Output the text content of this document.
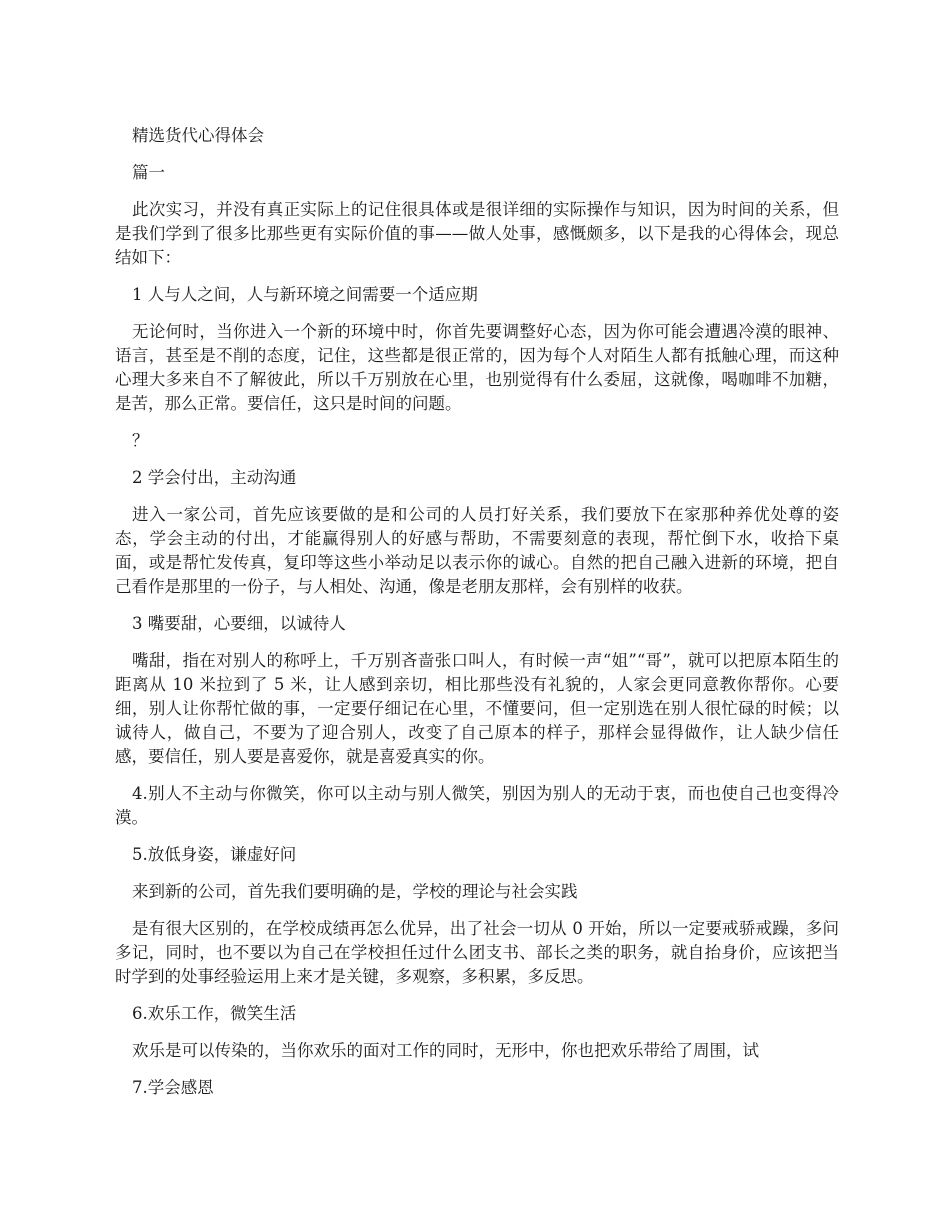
精选货代心得体会

篇一

此次实习，并没有真正实际上的记住很具体或是很详细的实际操作与知识，因为时间的关系，但是我们学到了很多比那些更有实际价值的事——做人处事，感慨颇多，以下是我的心得体会，现总结如下：

1 人与人之间，人与新环境之间需要一个适应期

无论何时，当你进入一个新的环境中时，你首先要调整好心态，因为你可能会遭遇冷漠的眼神、语言，甚至是不削的态度，记住，这些都是很正常的，因为每个人对陌生人都有抵触心理，而这种心理大多来自不了解彼此，所以千万别放在心里，也别觉得有什么委屈，这就像，喝咖啡不加糖，是苦，那么正常。要信任，这只是时间的问题。

？

2 学会付出，主动沟通

进入一家公司，首先应该要做的是和公司的人员打好关系，我们要放下在家那种养优处尊的姿态，学会主动的付出，才能赢得别人的好感与帮助，不需要刻意的表现，帮忙倒下水，收拾下桌面，或是帮忙发传真，复印等这些小举动足以表示你的诚心。自然的把自己融入进新的环境，把自己看作是那里的一份子，与人相处、沟通，像是老朋友那样，会有别样的收获。

3 嘴要甜，心要细，以诚待人

嘴甜，指在对别人的称呼上，千万别吝啬张口叫人，有时候一声“姐”“哥”，就可以把原本陌生的距离从 10 米拉到了 5 米，让人感到亲切，相比那些没有礼貌的，人家会更同意教你帮你。心要细，别人让你帮忙做的事，一定要仔细记在心里，不懂要问，但一定别选在别人很忙碌的时候；以诚待人，做自己，不要为了迎合别人，改变了自己原本的样子，那样会显得做作，让人缺少信任感，要信任，别人要是喜爱你，就是喜爱真实的你。

4.别人不主动与你微笑，你可以主动与别人微笑，别因为别人的无动于衷，而也使自己也变得冷漠。

5.放低身姿，谦虚好问

来到新的公司，首先我们要明确的是，学校的理论与社会实践

是有很大区别的，在学校成绩再怎么优异，出了社会一切从 0 开始，所以一定要戒骄戒躁，多问多记，同时，也不要以为自己在学校担任过什么团支书、部长之类的职务，就自抬身价，应该把当时学到的处事经验运用上来才是关键，多观察，多积累，多反思。

6.欢乐工作，微笑生活

欢乐是可以传染的，当你欢乐的面对工作的同时，无形中，你也把欢乐带给了周围，试

7.学会感恩
